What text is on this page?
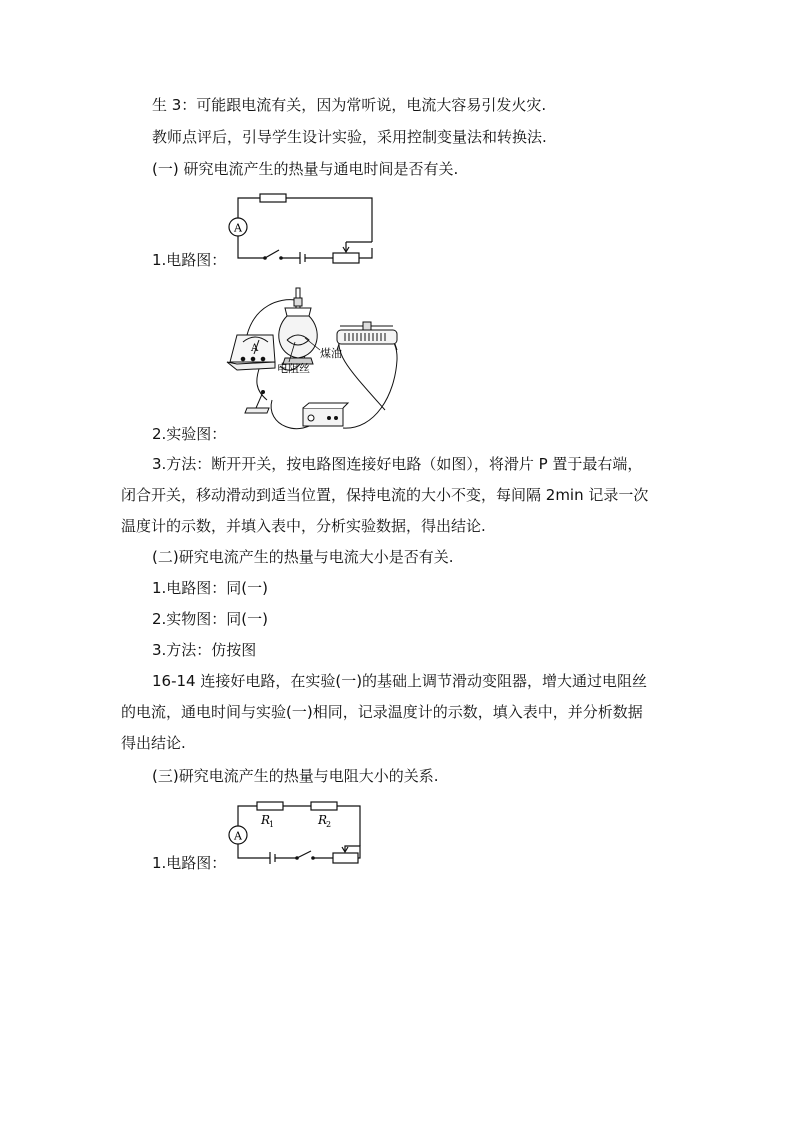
生 3：可能跟电流有关，因为常听说，电流大容易引发火灾.
教师点评后，引导学生设计实验，采用控制变量法和转换法.
(一) 研究电流产生的热量与通电时间是否有关.
A
1.电路图：
A	煤油
电阻丝
2.实验图：
3.方法：断开开关，按电路图连接好电路（如图），将滑片 P 置于最右端，
闭合开关，移动滑动到适当位置，保持电流的大小不变，每间隔 2min 记录一次
温度计的示数，并填入表中，分析实验数据，得出结论.
(二)研究电流产生的热量与电流大小是否有关.
1.电路图：同(一)
2.实物图：同(一)
3.方法：仿按图
16-14 连接好电路，在实验(一)的基础上调节滑动变阻器，增大通过电阻丝
的电流，通电时间与实验(一)相同，记录温度计的示数，填入表中，并分析数据
得出结论.
(三)研究电流产生的热量与电阻大小的关系.
A
R
1	R
2
1.电路图：
